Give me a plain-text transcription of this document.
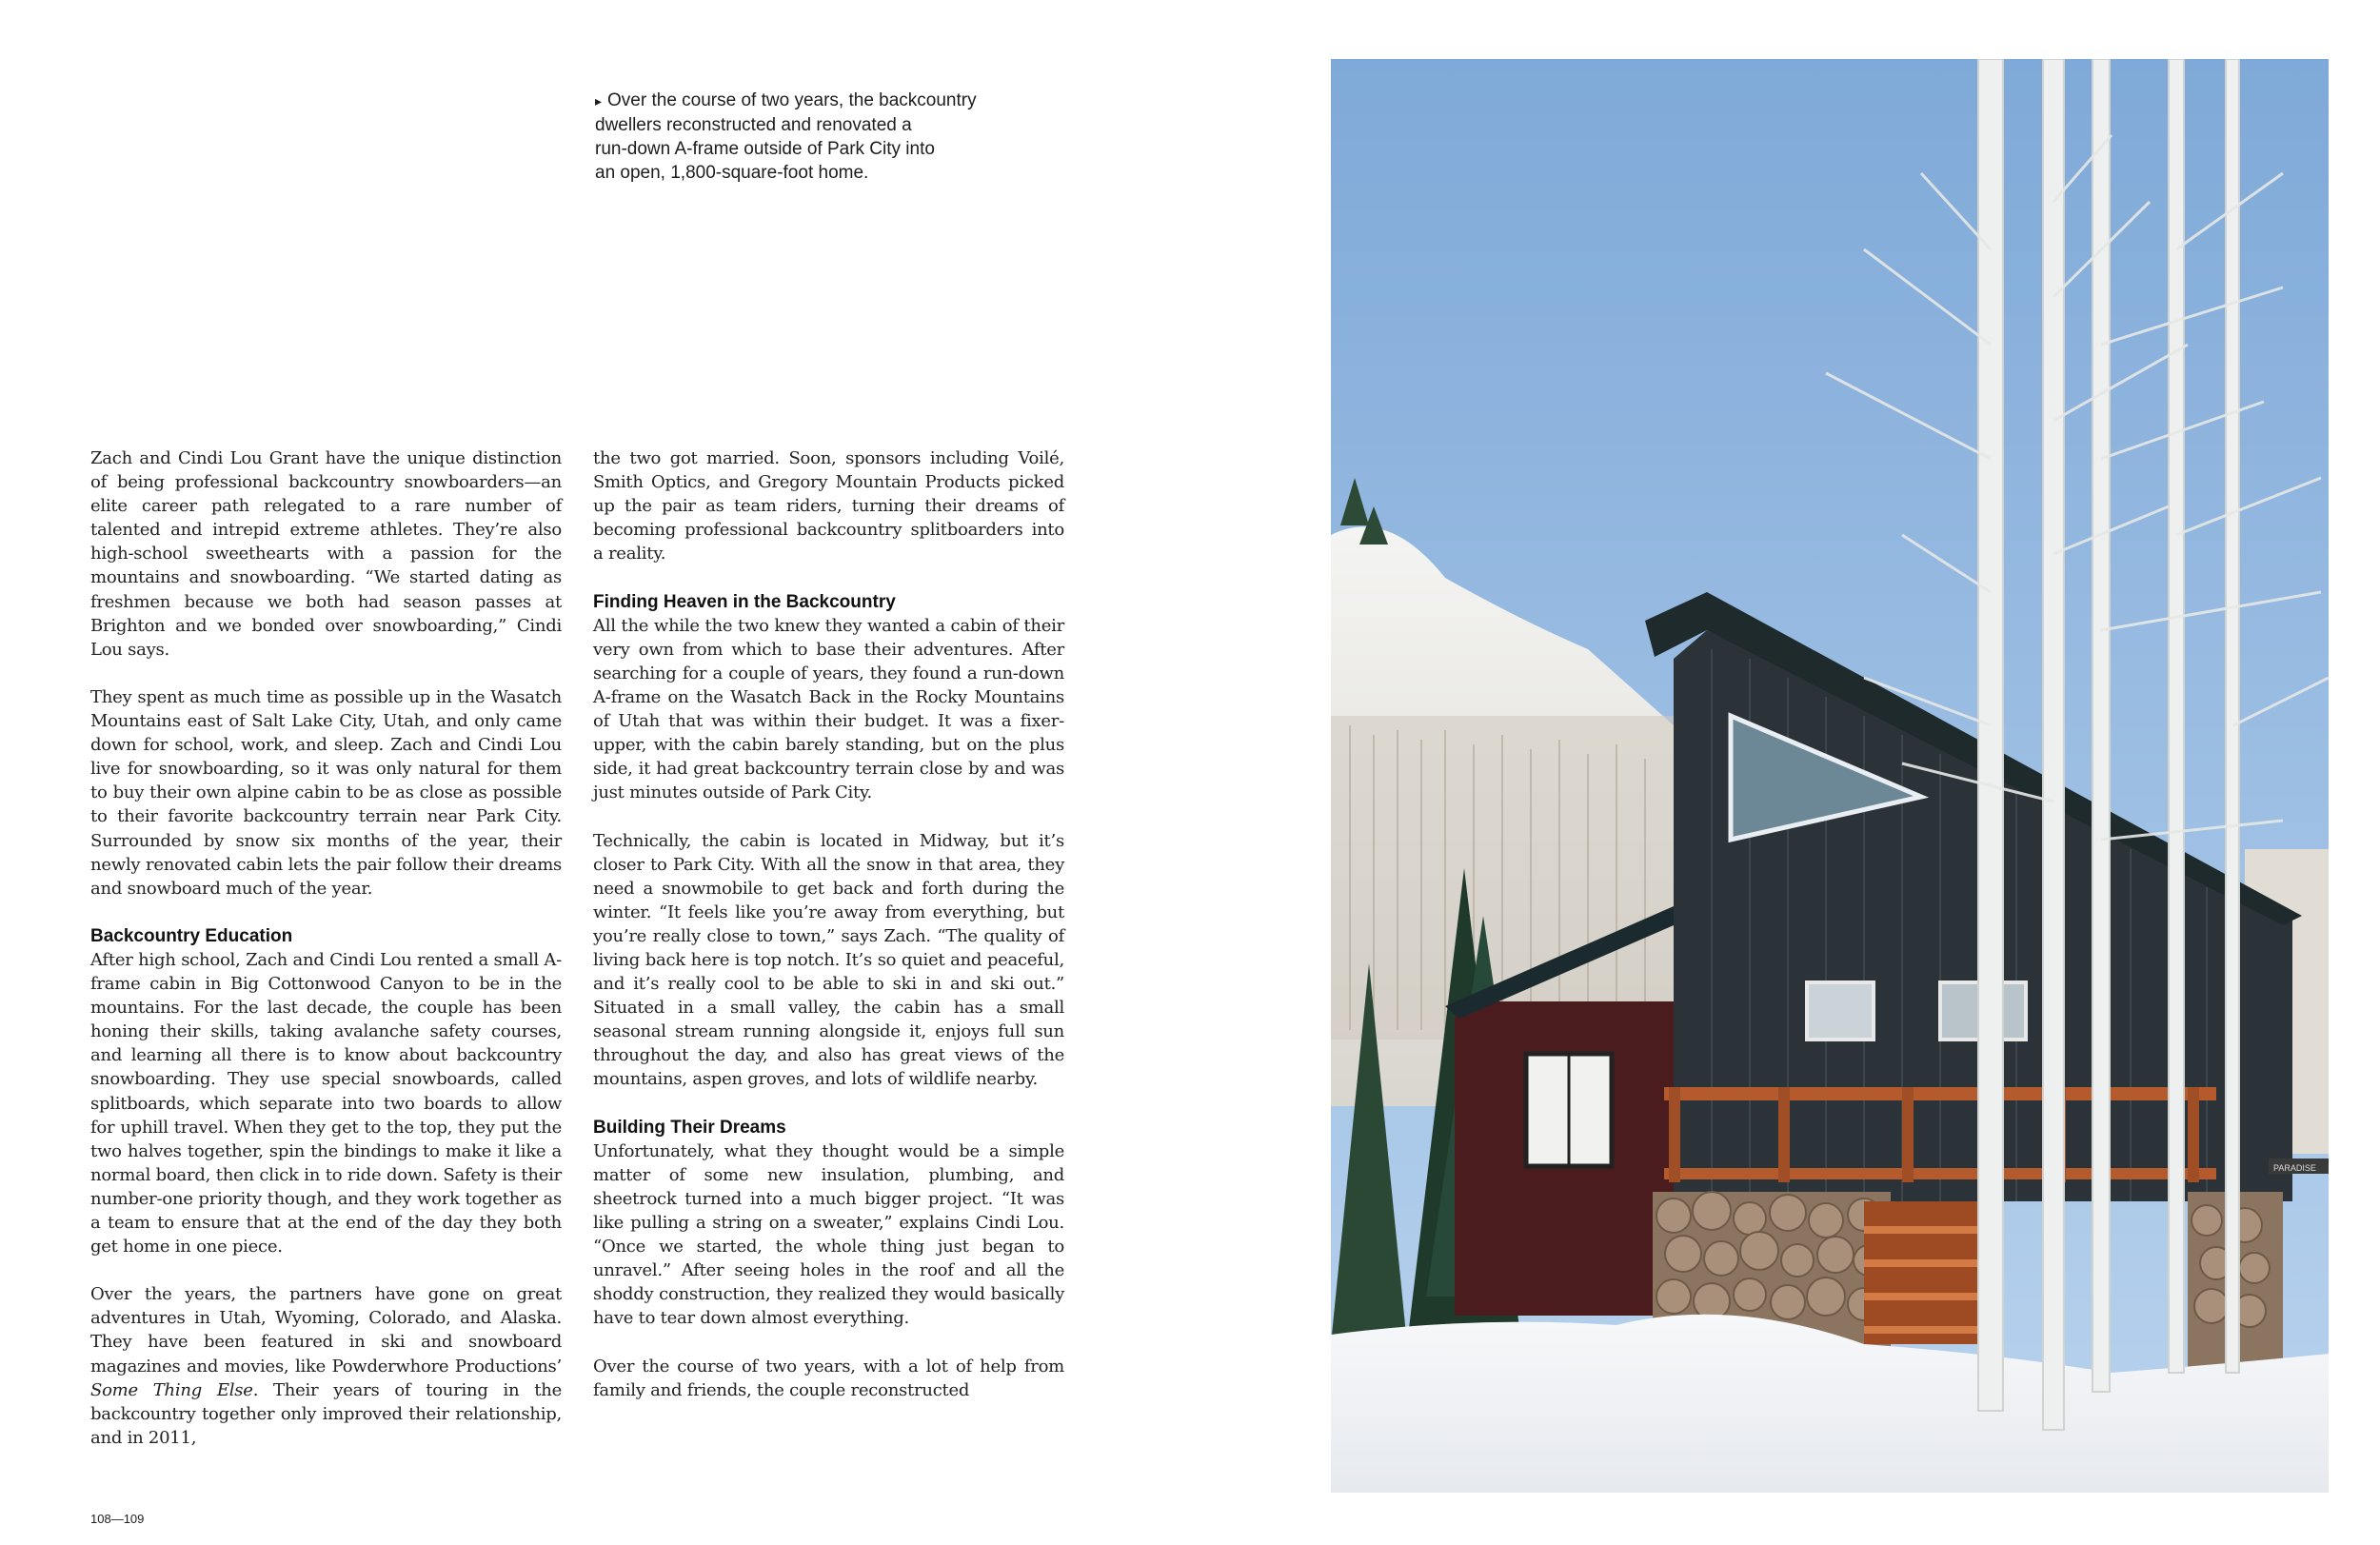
▸ Over the course of two years, the backcountry
dwellers reconstructed and renovated a
run-down A-frame outside of Park City into
an open, 1,800-square-foot home.

Zach and Cindi Lou Grant have the unique distinction of being professional backcountry snowboarders—an elite career path relegated to a rare number of talented and intrepid extreme athletes. They’re also high-school sweethearts with a passion for the mountains and snowboarding. “We started dating as freshmen because we both had season passes at Brighton and we bonded over snowboarding,” Cindi Lou says.

They spent as much time as possible up in the Wasatch Mountains east of Salt Lake City, Utah, and only came down for school, work, and sleep. Zach and Cindi Lou live for snowboarding, so it was only natural for them to buy their own alpine cabin to be as close as possible to their favorite backcountry terrain near Park City. Surrounded by snow six months of the year, their newly renovated cabin lets the pair follow their dreams and snowboard much of the year.

Backcountry Education

After high school, Zach and Cindi Lou rented a small A-frame cabin in Big Cottonwood Canyon to be in the mountains. For the last decade, the couple has been honing their skills, taking avalanche safety courses, and learning all there is to know about backcountry snowboarding. They use special snowboards, called splitboards, which separate into two boards to allow for uphill travel. When they get to the top, they put the two halves together, spin the bindings to make it like a normal board, then click in to ride down. Safety is their number-one priority though, and they work together as a team to ensure that at the end of the day they both get home in one piece.

Over the years, the partners have gone on great adventures in Utah, Wyoming, Colorado, and Alaska. They have been featured in ski and snowboard magazines and movies, like Powderwhore Productions’ Some Thing Else. Their years of touring in the backcountry together only improved their relationship, and in 2011,

the two got married. Soon, sponsors including Voilé, Smith Optics, and Gregory Mountain Products picked up the pair as team riders, turning their dreams of becoming professional backcountry splitboarders into a reality.

Finding Heaven in the Backcountry

All the while the two knew they wanted a cabin of their very own from which to base their adventures. After searching for a couple of years, they found a run-down A-frame on the Wasatch Back in the Rocky Mountains of Utah that was within their budget. It was a fixer-upper, with the cabin barely standing, but on the plus side, it had great backcountry terrain close by and was just minutes outside of Park City.

Technically, the cabin is located in Midway, but it’s closer to Park City. With all the snow in that area, they need a snowmobile to get back and forth during the winter. “It feels like you’re away from everything, but you’re really close to town,” says Zach. “The quality of living back here is top notch. It’s so quiet and peaceful, and it’s really cool to be able to ski in and ski out.” Situated in a small valley, the cabin has a small seasonal stream running alongside it, enjoys full sun throughout the day, and also has great views of the mountains, aspen groves, and lots of wildlife nearby.

Building Their Dreams

Unfortunately, what they thought would be a simple matter of some new insulation, plumbing, and sheetrock turned into a much bigger project. “It was like pulling a string on a sweater,” explains Cindi Lou. “Once we started, the whole thing just began to unravel.” After seeing holes in the roof and all the shoddy construction, they realized they would basically have to tear down almost everything.

Over the course of two years, with a lot of help from family and friends, the couple reconstructed

108—109
PARADISE
